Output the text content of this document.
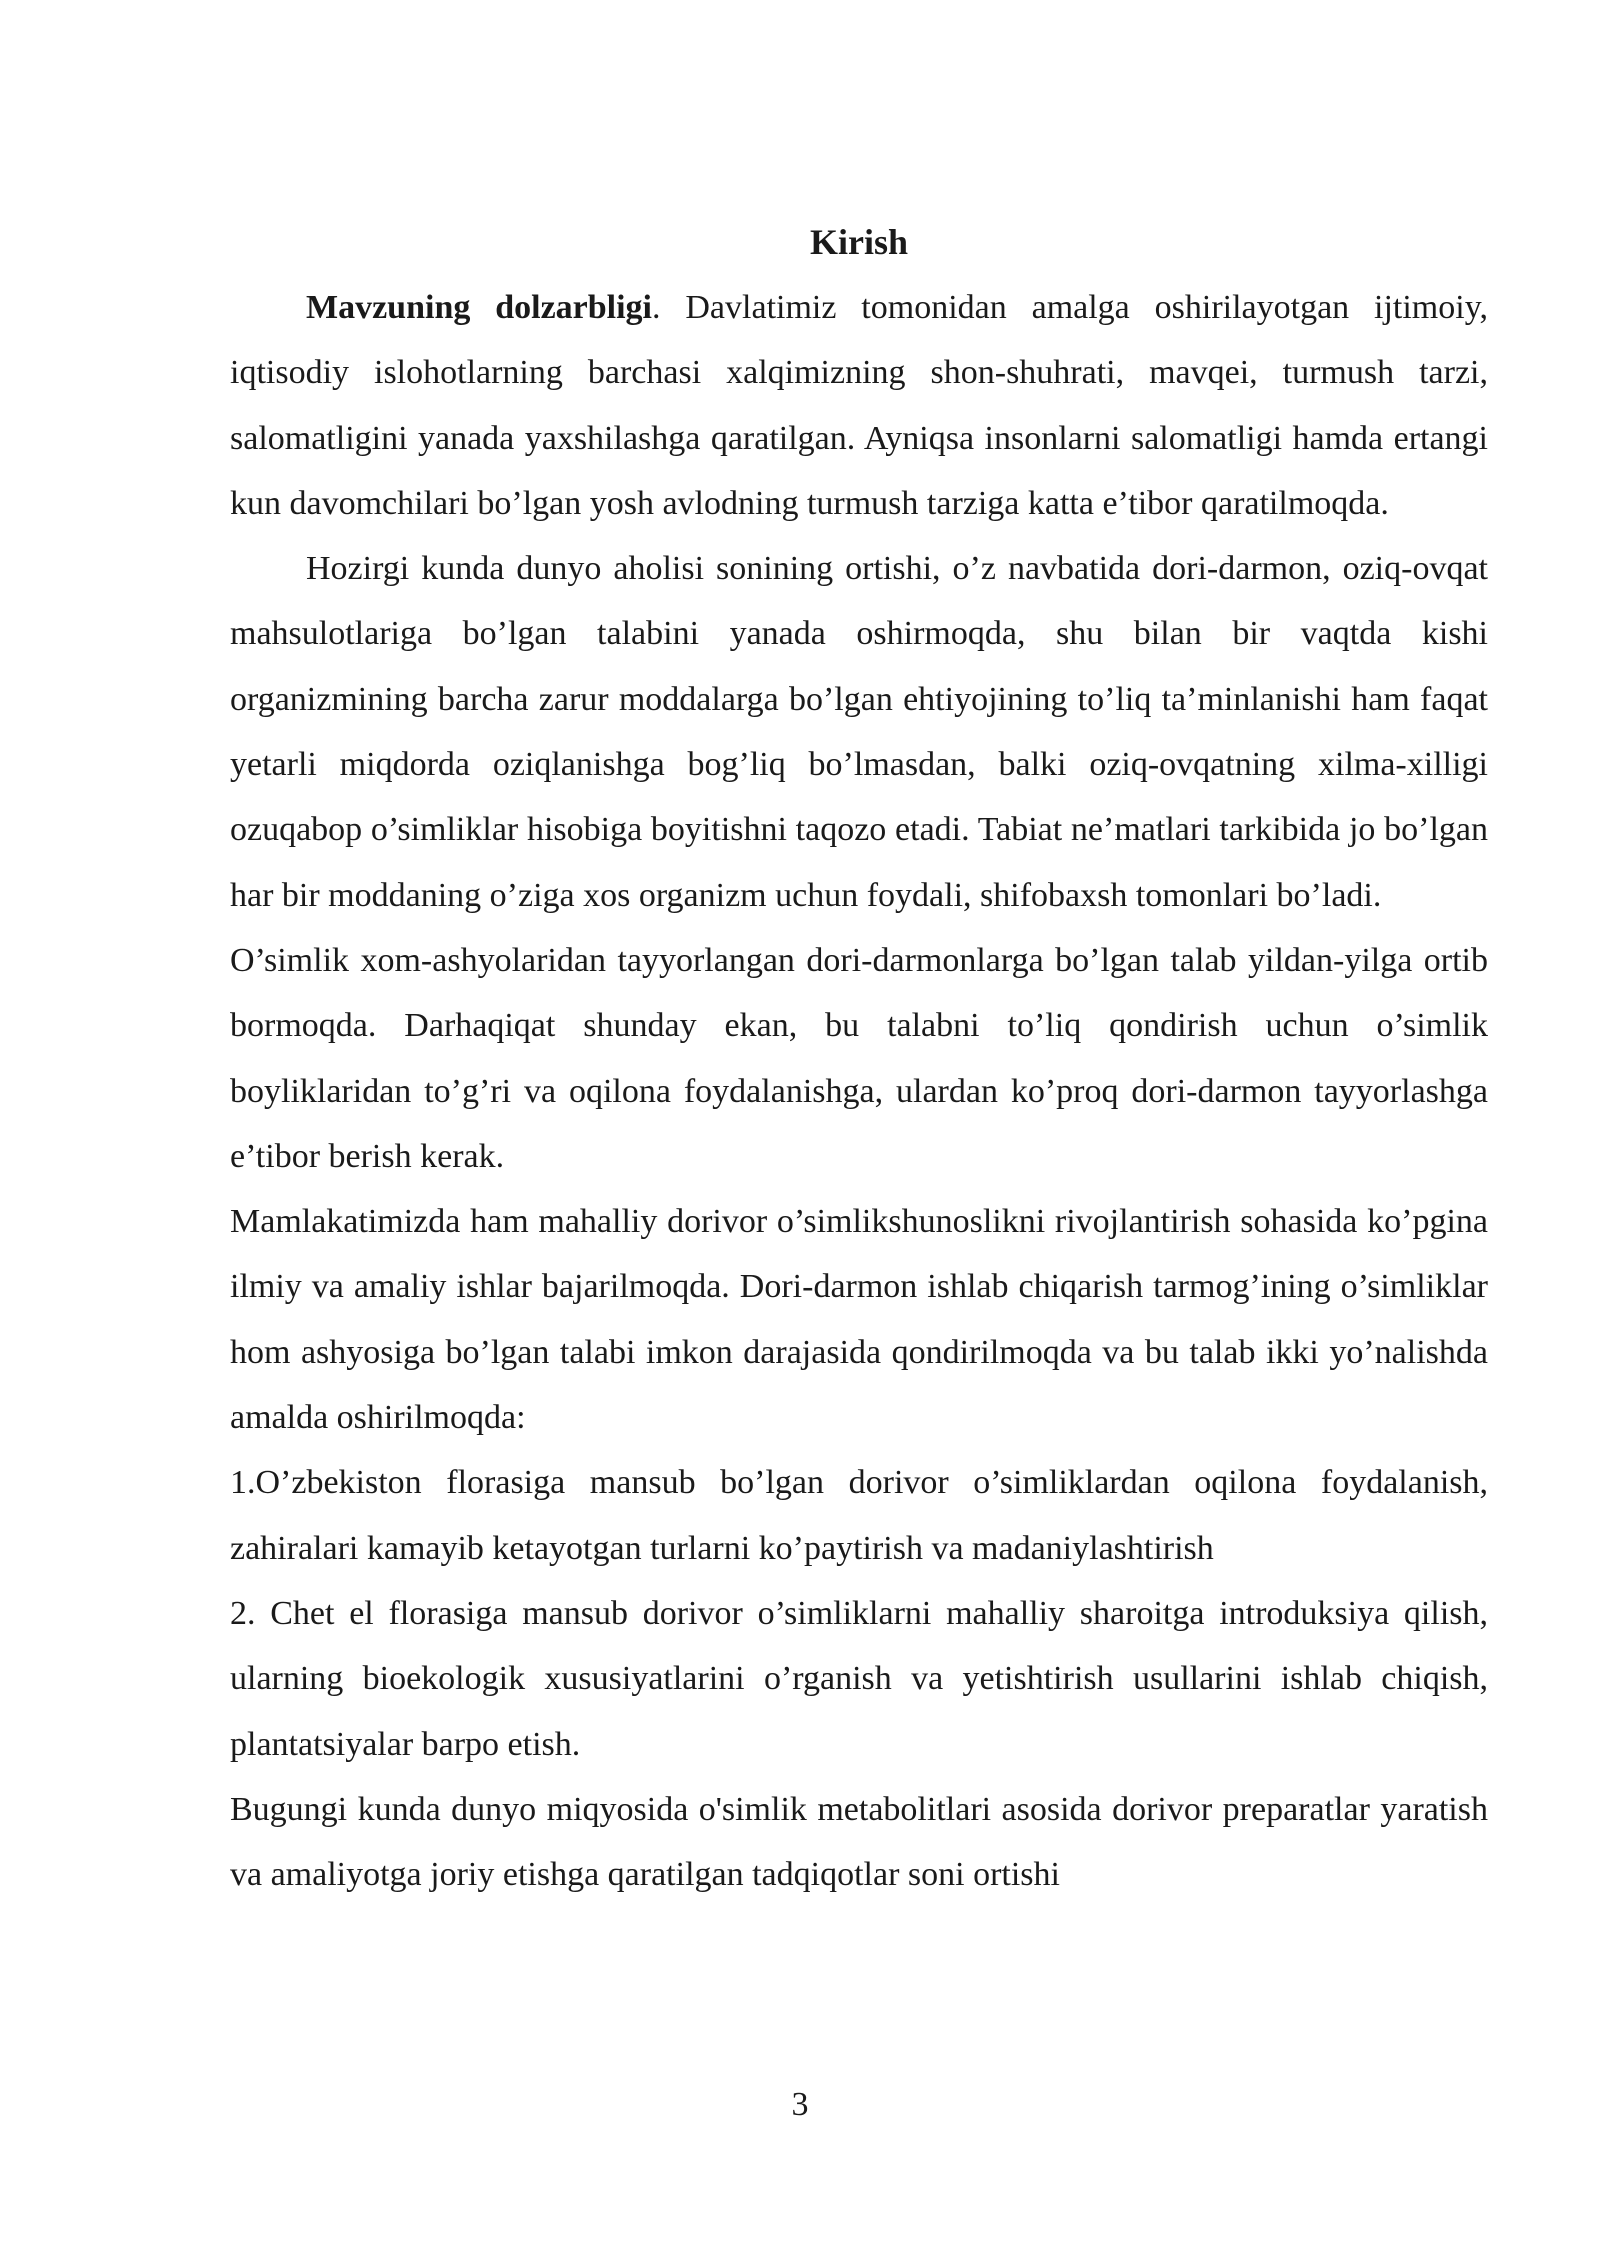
Kirish

Mavzuning dolzarbligi. Davlatimiz tomonidan amalga oshirilayotgan ijtimoiy, iqtisodiy islohotlarning barchasi xalqimizning shon-shuhrati, mavqei, turmush tarzi, salomatligini yanada yaxshilashga qaratilgan. Ayniqsa insonlarni salomatligi hamda ertangi kun davomchilari bo’lgan yosh avlodning turmush tarziga katta e’tibor qaratilmoqda.

Hozirgi kunda dunyo aholisi sonining ortishi, o’z navbatida dori-darmon, oziq-ovqat mahsulotlariga bo’lgan talabini yanada oshirmoqda, shu bilan bir vaqtda kishi organizmining barcha zarur moddalarga bo’lgan ehtiyojining to’liq ta’minlanishi ham faqat yetarli miqdorda oziqlanishga bog’liq bo’lmasdan, balki oziq-ovqatning xilma-xilligi ozuqabop o’simliklar hisobiga boyitishni taqozo etadi. Tabiat ne’matlari tarkibida jo bo’lgan har bir moddaning o’ziga xos organizm uchun foydali, shifobaxsh tomonlari bo’ladi.

O’simlik xom-ashyolaridan tayyorlangan dori-darmonlarga bo’lgan talab yildan-yilga ortib bormoqda. Darhaqiqat shunday ekan, bu talabni to’liq qondirish uchun o’simlik boyliklaridan to’g’ri va oqilona foydalanishga, ulardan ko’proq dori-darmon tayyorlashga e’tibor berish kerak.

Mamlakatimizda ham mahalliy dorivor o’simlikshunoslikni rivojlantirish sohasida ko’pgina ilmiy va amaliy ishlar bajarilmoqda. Dori-darmon ishlab chiqarish tarmog’ining o’simliklar hom ashyosiga bo’lgan talabi imkon darajasida qondirilmoqda va bu talab ikki yo’nalishda amalda oshirilmoqda:

1.O’zbekiston florasiga mansub bo’lgan dorivor o’simliklardan oqilona foydalanish, zahiralari kamayib ketayotgan turlarni ko’paytirish va madaniylashtirish

2. Chet el florasiga mansub dorivor o’simliklarni mahalliy sharoitga introduksiya qilish, ularning bioekologik xususiyatlarini o’rganish va yetishtirish usullarini ishlab chiqish, plantatsiyalar barpo etish.

Bugungi kunda dunyo miqyosida o'simlik metabolitlari asosida dorivor preparatlar yaratish va amaliyotga joriy etishga qaratilgan tadqiqotlar soni ortishi

3
